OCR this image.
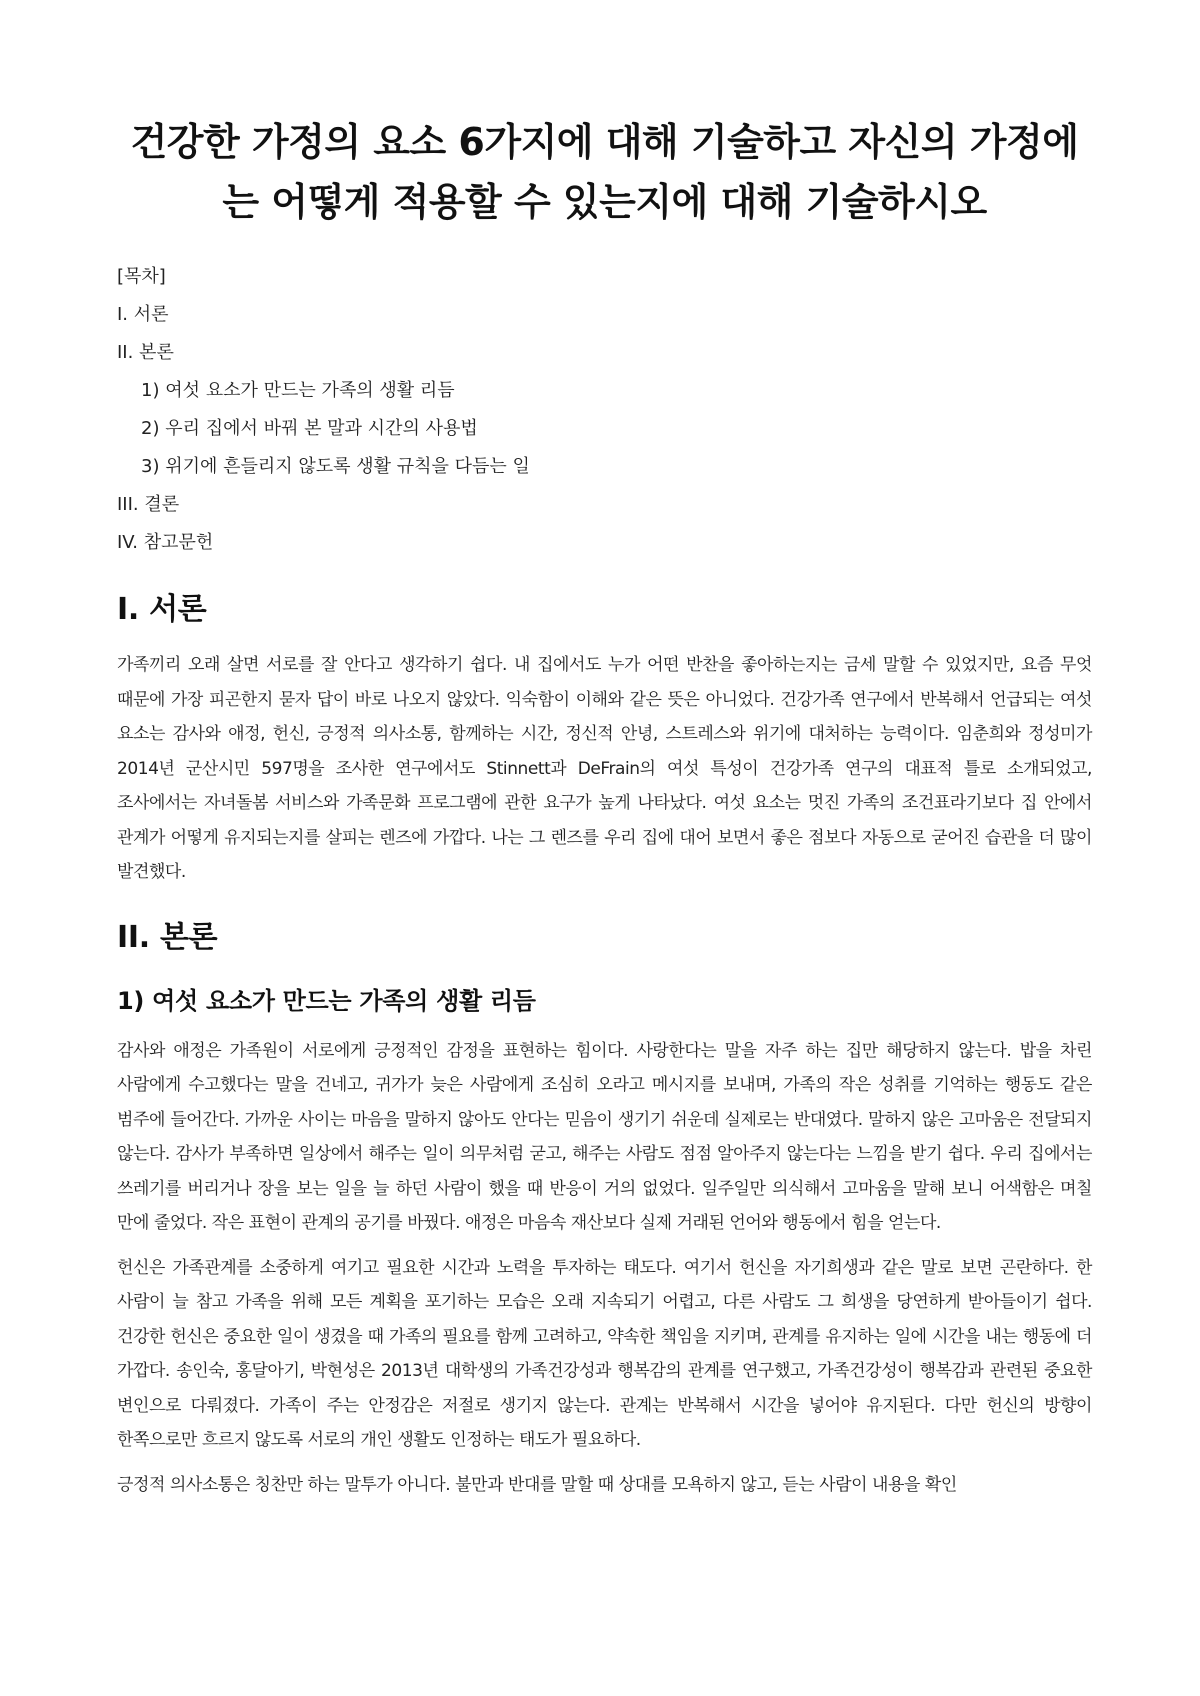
건강한 가정의 요소 6가지에 대해 기술하고 자신의 가정에는 어떻게 적용할 수 있는지에 대해 기술하시오
[목차]
I. 서론
II. 본론
1) 여섯 요소가 만드는 가족의 생활 리듬
2) 우리 집에서 바꿔 본 말과 시간의 사용법
3) 위기에 흔들리지 않도록 생활 규칙을 다듬는 일
III. 결론
IV. 참고문헌
I. 서론

가족끼리 오래 살면 서로를 잘 안다고 생각하기 쉽다. 내 집에서도 누가 어떤 반찬을 좋아하는지는 금세 말할 수 있었지만, 요즘 무엇 때문에 가장 피곤한지 묻자 답이 바로 나오지 않았다. 익숙함이 이해와 같은 뜻은 아니었다. 건강가족 연구에서 반복해서 언급되는 여섯 요소는 감사와 애정, 헌신, 긍정적 의사소통, 함께하는 시간, 정신적 안녕, 스트레스와 위기에 대처하는 능력이다. 임춘희와 정성미가 2014년 군산시민 597명을 조사한 연구에서도 Stinnett과 DeFrain의 여섯 특성이 건강가족 연구의 대표적 틀로 소개되었고, 조사에서는 자녀돌봄 서비스와 가족문화 프로그램에 관한 요구가 높게 나타났다. 여섯 요소는 멋진 가족의 조건표라기보다 집 안에서 관계가 어떻게 유지되는지를 살피는 렌즈에 가깝다. 나는 그 렌즈를 우리 집에 대어 보면서 좋은 점보다 자동으로 굳어진 습관을 더 많이 발견했다.

II. 본론
1) 여섯 요소가 만드는 가족의 생활 리듬

감사와 애정은 가족원이 서로에게 긍정적인 감정을 표현하는 힘이다. 사랑한다는 말을 자주 하는 집만 해당하지 않는다. 밥을 차린 사람에게 수고했다는 말을 건네고, 귀가가 늦은 사람에게 조심히 오라고 메시지를 보내며, 가족의 작은 성취를 기억하는 행동도 같은 범주에 들어간다. 가까운 사이는 마음을 말하지 않아도 안다는 믿음이 생기기 쉬운데 실제로는 반대였다. 말하지 않은 고마움은 전달되지 않는다. 감사가 부족하면 일상에서 해주는 일이 의무처럼 굳고, 해주는 사람도 점점 알아주지 않는다는 느낌을 받기 쉽다. 우리 집에서는 쓰레기를 버리거나 장을 보는 일을 늘 하던 사람이 했을 때 반응이 거의 없었다. 일주일만 의식해서 고마움을 말해 보니 어색함은 며칠 만에 줄었다. 작은 표현이 관계의 공기를 바꿨다. 애정은 마음속 재산보다 실제 거래된 언어와 행동에서 힘을 얻는다.

헌신은 가족관계를 소중하게 여기고 필요한 시간과 노력을 투자하는 태도다. 여기서 헌신을 자기희생과 같은 말로 보면 곤란하다. 한 사람이 늘 참고 가족을 위해 모든 계획을 포기하는 모습은 오래 지속되기 어렵고, 다른 사람도 그 희생을 당연하게 받아들이기 쉽다. 건강한 헌신은 중요한 일이 생겼을 때 가족의 필요를 함께 고려하고, 약속한 책임을 지키며, 관계를 유지하는 일에 시간을 내는 행동에 더 가깝다. 송인숙, 홍달아기, 박현성은 2013년 대학생의 가족건강성과 행복감의 관계를 연구했고, 가족건강성이 행복감과 관련된 중요한 변인으로 다뤄졌다. 가족이 주는 안정감은 저절로 생기지 않는다. 관계는 반복해서 시간을 넣어야 유지된다. 다만 헌신의 방향이 한쪽으로만 흐르지 않도록 서로의 개인 생활도 인정하는 태도가 필요하다.

긍정적 의사소통은 칭찬만 하는 말투가 아니다. 불만과 반대를 말할 때 상대를 모욕하지 않고, 듣는 사람이 내용을 확인
